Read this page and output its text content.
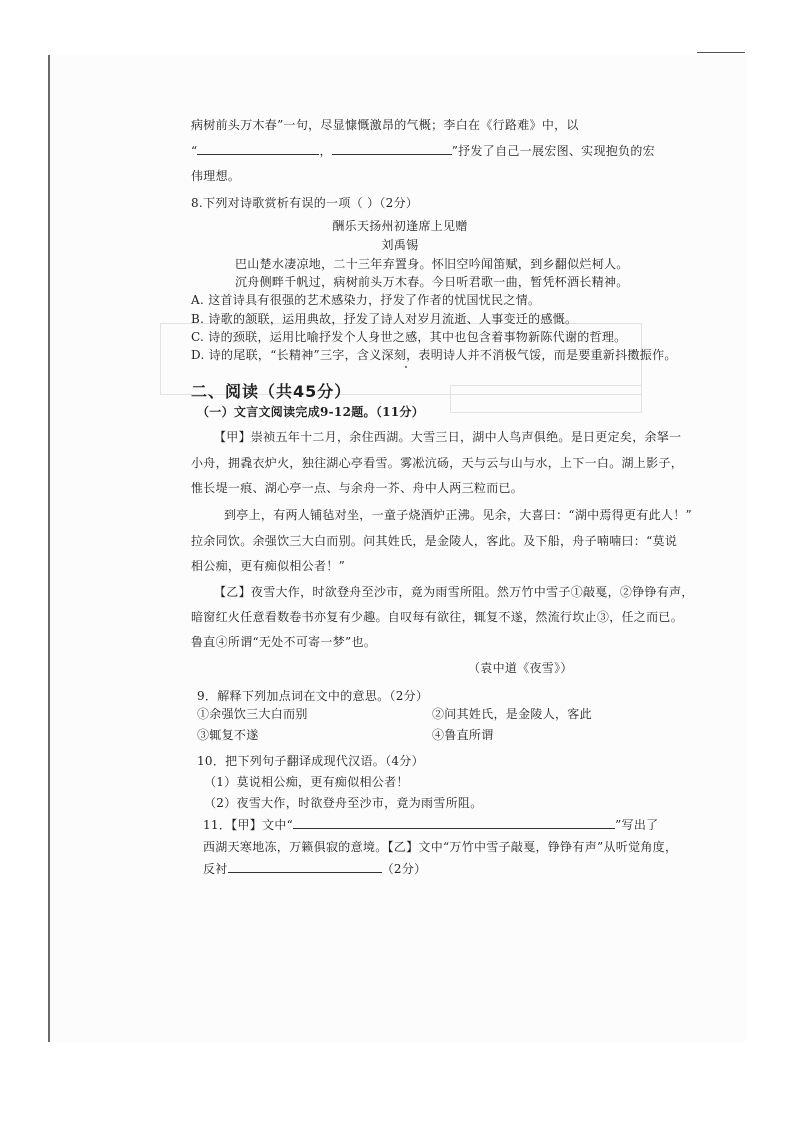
病树前头万木春”一句，尽显慷慨激昂的气概；李白在《行路难》中，以
“	，	”抒发了自己一展宏图、实现抱负的宏
伟理想。
8.下列对诗歌赏析有误的一项（ ）（2分）
酬乐天扬州初逢席上见赠
刘禹锡
巴山楚水凄凉地，二十三年弃置身。怀旧空吟闻笛赋，到乡翻似烂柯人。
沉舟侧畔千帆过，病树前头万木春。今日听君歌一曲，暂凭杯酒长精神。
A. 这首诗具有很强的艺术感染力，抒发了作者的忧国忧民之情。
B. 诗歌的颔联，运用典故，抒发了诗人对岁月流逝、人事变迁的感慨。
C. 诗的颈联，运用比喻抒发个人身世之感，其中也包含着事物新陈代谢的哲理。
D. 诗的尾联，“长精神”三字，含义深刻，表明诗人并不消极气馁，而是要重新抖擞振作。
二、阅读（共45分）
（一）文言文阅读完成9-12题。（11分）
【甲】崇祯五年十二月，余住西湖。大雪三日，湖中人鸟声俱绝。是日更定矣，余拏一
小舟，拥毳衣炉火，独往湖心亭看雪。雾凇沆砀，天与云与山与水，上下一白。湖上影子，
惟长堤一痕、湖心亭一点、与余舟一芥、舟中人两三粒而已。
到亭上，有两人铺毡对坐，一童子烧酒炉正沸。见余，大喜曰：“湖中焉得更有此人！”
拉余同饮。余强饮三大白而别。问其姓氏，是金陵人，客此。及下船，舟子喃喃曰：“莫说
相公痴，更有痴似相公者！”
【乙】夜雪大作，时欲登舟至沙市，竟为雨雪所阻。然万竹中雪子①敲戛，②铮铮有声，
暗窗红火任意看数卷书亦复有少趣。自叹每有欲往，辄复不遂，然流行坎止③，任之而已。
鲁直④所谓“无处不可寄一梦”也。
（袁中道《夜雪》）
9．解释下列加点词在文中的意思。（2分）
①余强饮三大白而别	②问其姓氏，是金陵人，客此
③辄复不遂	④鲁直所谓
10．把下列句子翻译成现代汉语。（4分）
（1）莫说相公痴，更有痴似相公者！
（2）夜雪大作，时欲登舟至沙市，竟为雨雪所阻。
11．【甲】文中“	”写出了
西湖天寒地冻，万籁俱寂的意境。【乙】文中“万竹中雪子敲戛，铮铮有声”从听觉角度，
反衬	（2分）
